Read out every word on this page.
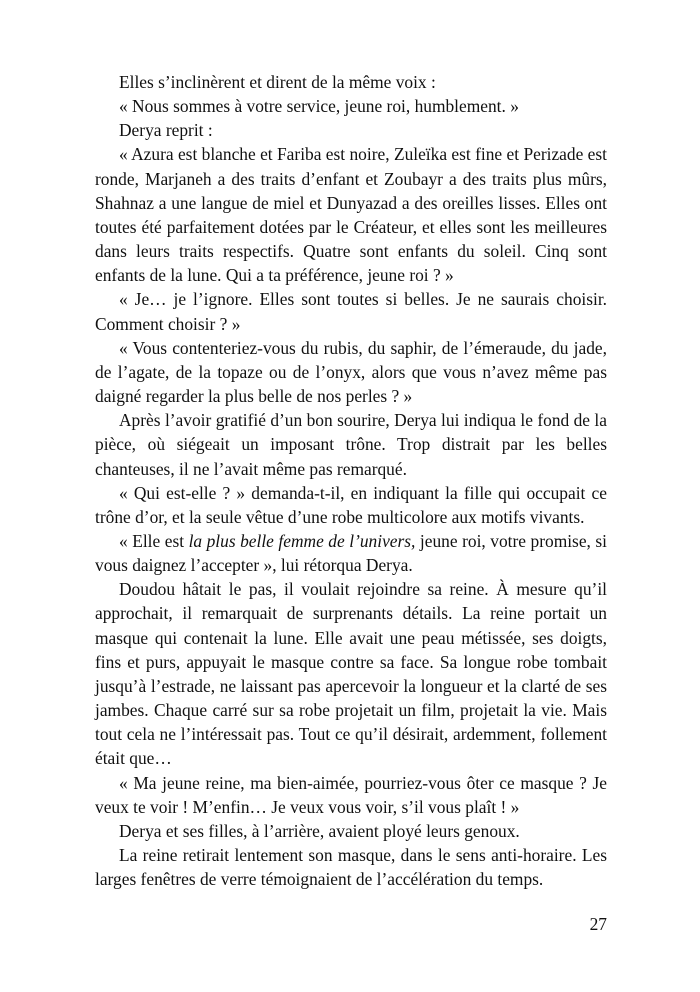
Elles s’inclinèrent et dirent de la même voix :

« Nous sommes à votre service, jeune roi, humblement. »

Derya reprit :

« Azura est blanche et Fariba est noire, Zuleïka est fine et Perizade est ronde, Marjaneh a des traits d’enfant et Zoubayr a des traits plus mûrs, Shahnaz a une langue de miel et Dunyazad a des oreilles lisses. Elles ont toutes été parfaitement dotées par le Créateur, et elles sont les meilleures dans leurs traits respectifs. Quatre sont enfants du soleil. Cinq sont enfants de la lune. Qui a ta préférence, jeune roi ? »

« Je… je l’ignore. Elles sont toutes si belles. Je ne saurais choisir. Comment choisir ? »

« Vous contenteriez-vous du rubis, du saphir, de l’émeraude, du jade, de l’agate, de la topaze ou de l’onyx, alors que vous n’avez même pas daigné regarder la plus belle de nos perles ? »

Après l’avoir gratifié d’un bon sourire, Derya lui indiqua le fond de la pièce, où siégeait un imposant trône. Trop distrait par les belles chanteuses, il ne l’avait même pas remarqué.

« Qui est-elle ? » demanda-t-il, en indiquant la fille qui occupait ce trône d’or, et la seule vêtue d’une robe multicolore aux motifs vivants.

« Elle est la plus belle femme de l’univers, jeune roi, votre promise, si vous daignez l’accepter », lui rétorqua Derya.

Doudou hâtait le pas, il voulait rejoindre sa reine. À mesure qu’il approchait, il remarquait de surprenants détails. La reine portait un masque qui contenait la lune. Elle avait une peau métissée, ses doigts, fins et purs, appuyait le masque contre sa face. Sa longue robe tombait jusqu’à l’estrade, ne laissant pas apercevoir la longueur et la clarté de ses jambes. Chaque carré sur sa robe projetait un film, projetait la vie. Mais tout cela ne l’intéressait pas. Tout ce qu’il désirait, ardemment, follement était que…

« Ma jeune reine, ma bien-aimée, pourriez-vous ôter ce masque ? Je veux te voir ! M’enfin… Je veux vous voir, s’il vous plaît ! »

Derya et ses filles, à l’arrière, avaient ployé leurs genoux.

La reine retirait lentement son masque, dans le sens anti-horaire. Les larges fenêtres de verre témoignaient de l’accélération du temps.

27
